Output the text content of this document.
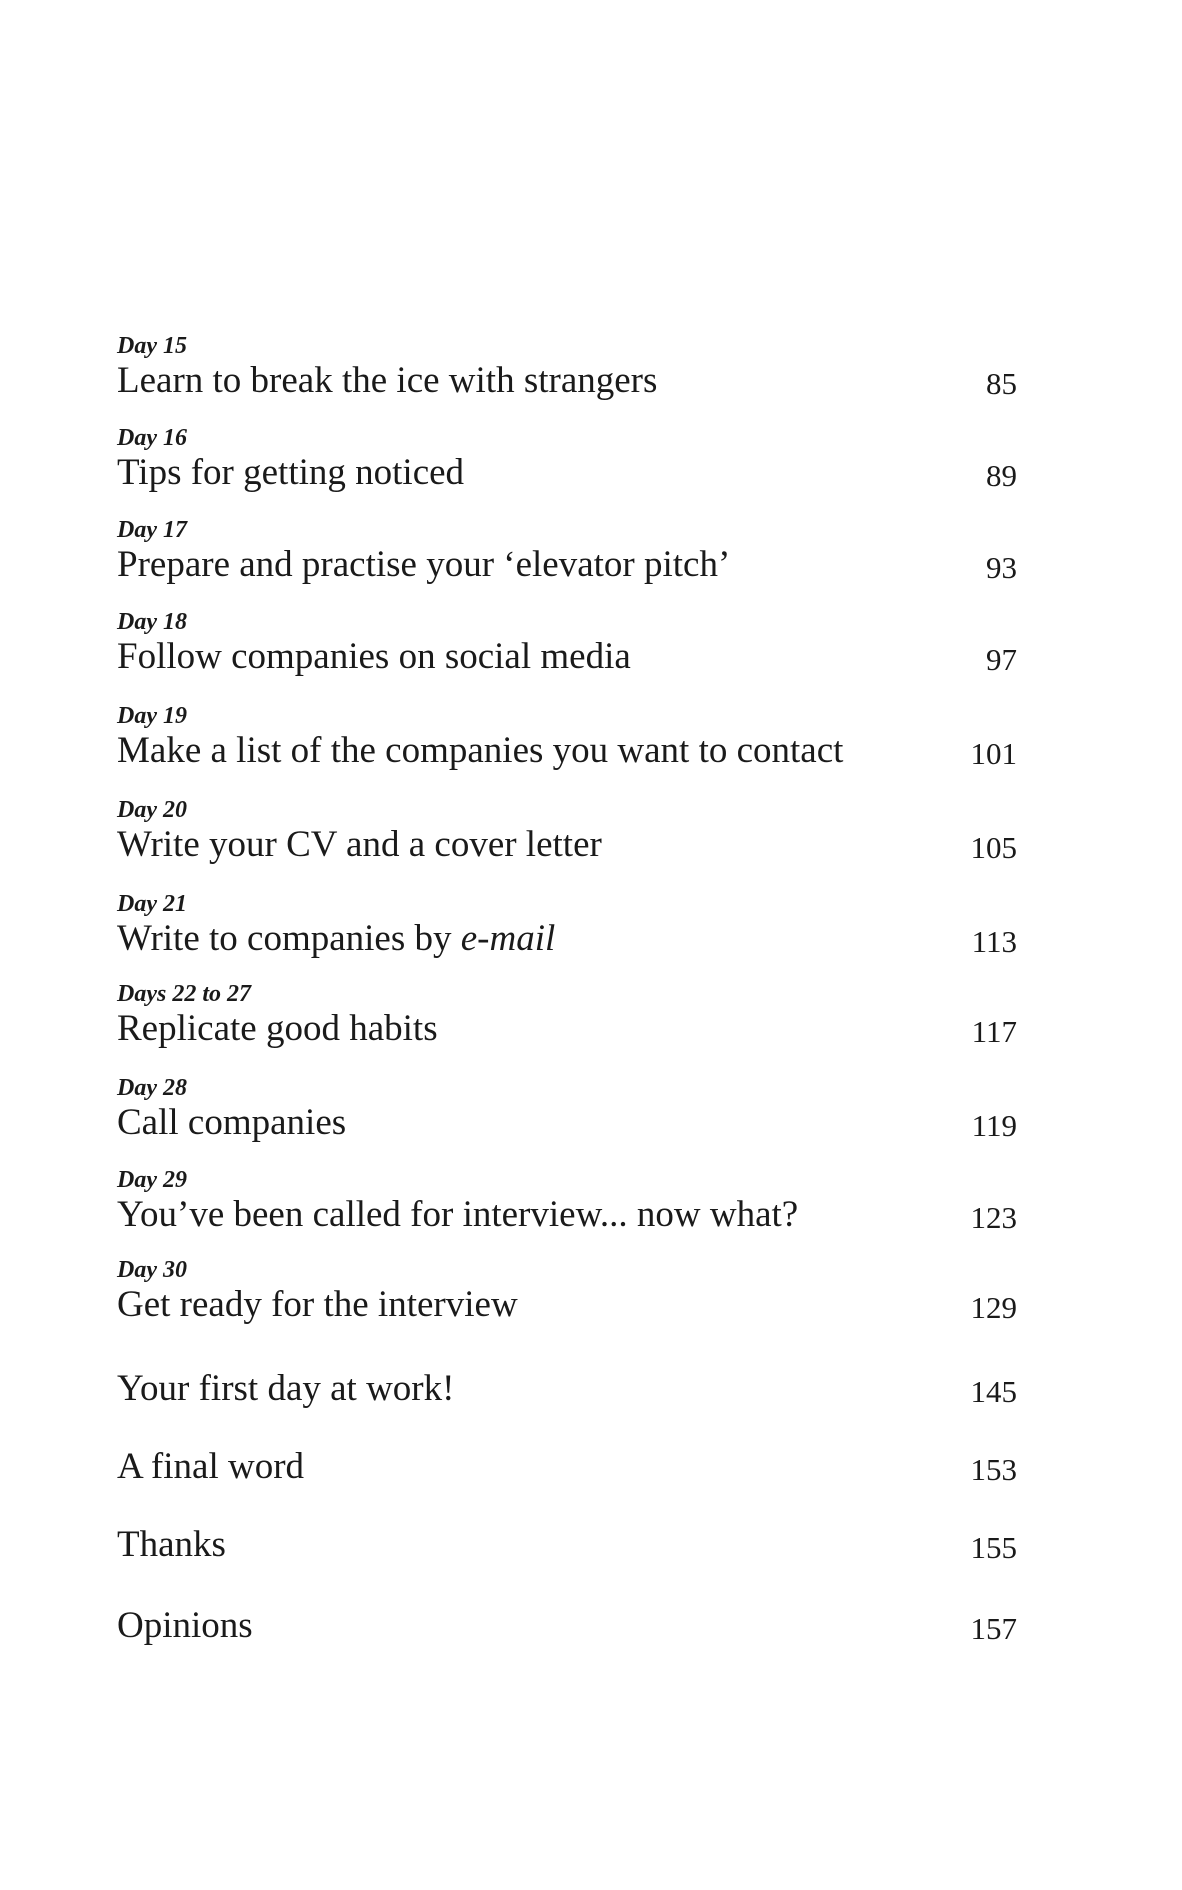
Day 15
Learn to break the ice with strangers	85
Day 16
Tips for getting noticed	89
Day 17
Prepare and practise your ‘elevator pitch’	93
Day 18
Follow companies on social media	97
Day 19
Make a list of the companies you want to contact	101
Day 20
Write your CV and a cover letter	105
Day 21
Write to companies by e-mail	113
Days 22 to 27
Replicate good habits	117
Day 28
Call companies	119
Day 29
You’ve been called for interview... now what?	123
Day 30
Get ready for the interview	129
Your first day at work!	145
A final word	153
Thanks	155
Opinions	157
